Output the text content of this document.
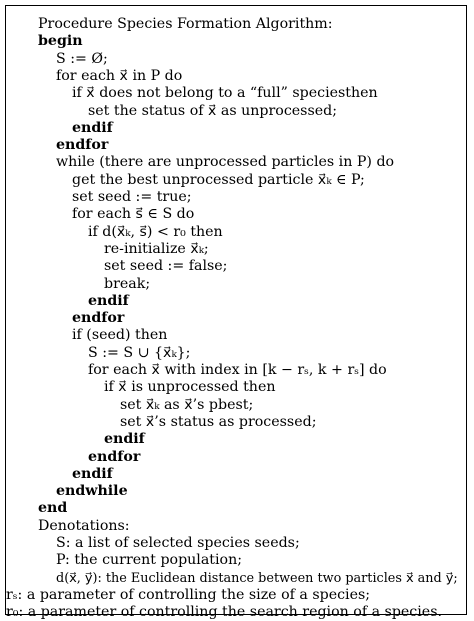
Procedure Species Formation Algorithm:
begin
S := Ø;
for each x⃗ in P do
if x⃗ does not belong to a “full” speciesthen
set the status of x⃗ as unprocessed;
endif
endfor
while (there are unprocessed particles in P) do
get the best unprocessed particle x⃗ₖ ∈ P;
set seed := true;
for each s⃗ ∈ S do
if d(x⃗ₖ, s⃗) < r₀ then
re-initialize x⃗ₖ;
set seed := false;
break;
endif
endfor
if (seed) then
S := S ∪ {x⃗ₖ};
for each x⃗ with index in [k − rₛ, k + rₛ] do
if x⃗ is unprocessed then
set x⃗ₖ as x⃗’s pbest;
set x⃗’s status as processed;
endif
endfor
endif
endwhile
end
Denotations:
S: a list of selected species seeds;
P: the current population;
d(x⃗, y⃗): the Euclidean distance between two particles x⃗ and y⃗;
rₛ: a parameter of controlling the size of a species;
r₀: a parameter of controlling the search region of a species.
